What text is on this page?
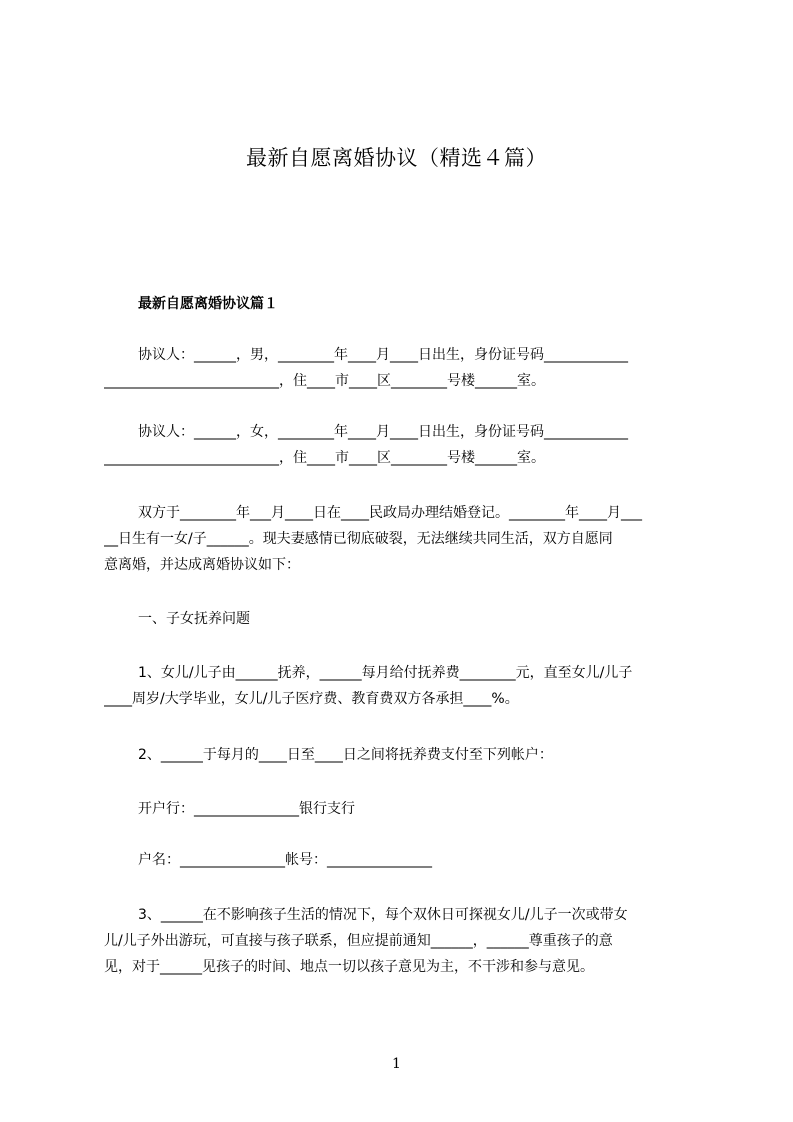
最新自愿离婚协议（精选４篇）
最新自愿离婚协议篇１
协议人：______，男，________年____月____日出生，身份证号码____________
_________________________，住____市____区________号楼______室。
协议人：______，女，________年____月____日出生，身份证号码____________
_________________________，住____市____区________号楼______室。
双方于________年___月____日在____民政局办理结婚登记。________年____月___
__日生有一女/子______。现夫妻感情已彻底破裂，无法继续共同生活，双方自愿同
意离婚，并达成离婚协议如下：
一、子女抚养问题
1、女儿/儿子由______抚养，______每月给付抚养费________元，直至女儿/儿子
____周岁/大学毕业，女儿/儿子医疗费、教育费双方各承担____%。
2、______于每月的____日至____日之间将抚养费支付至下列帐户：
开户行：_______________银行支行
户名：_______________帐号：_______________
3、______在不影响孩子生活的情况下，每个双休日可探视女儿/儿子一次或带女
儿/儿子外出游玩，可直接与孩子联系，但应提前通知______，______尊重孩子的意
见，对于______见孩子的时间、地点一切以孩子意见为主，不干涉和参与意见。
1
